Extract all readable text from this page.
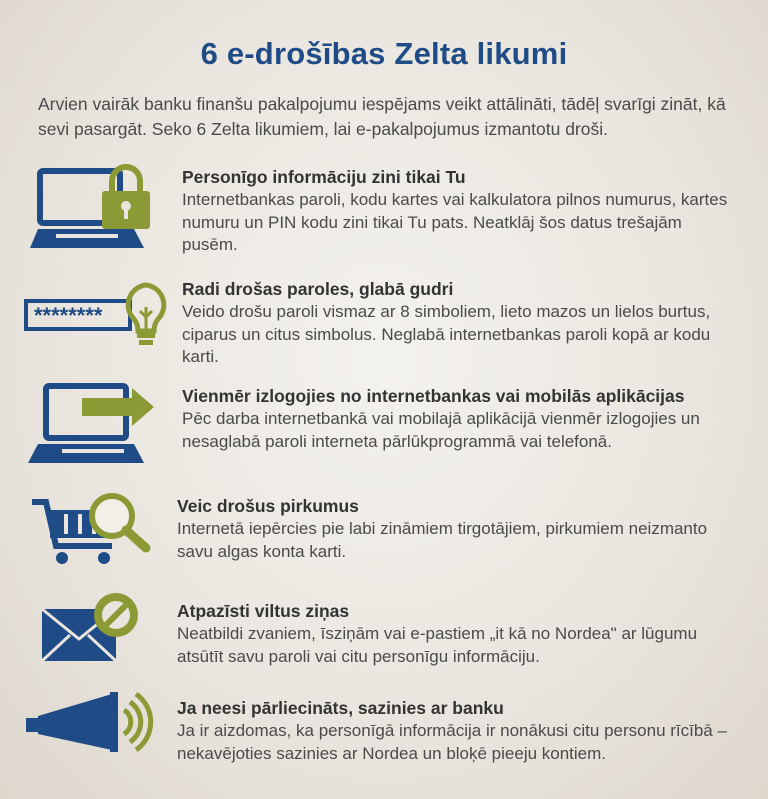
6 e-drošības Zelta likumi
Arvien vairāk banku finanšu pakalpojumu iespējams veikt attālināti, tādēļ svarīgi zināt, kā sevi pasargāt. Seko 6 Zelta likumiem, lai e-pakalpojumus izmantotu droši.
Personīgo informāciju zini tikai Tu
Internetbankas paroli, kodu kartes vai kalkulatora pilnos numurus, kartes numuru un PIN kodu zini tikai Tu pats. Neatklāj šos datus trešajām pusēm.
********
Radi drošas paroles, glabā gudri
Veido drošu paroli vismaz ar 8 simboliem, lieto mazos un lielos burtus, ciparus un citus simbolus. Neglabā internetbankas paroli kopā ar kodu karti.
Vienmēr izlogojies no internetbankas vai mobilās aplikācijas
Pēc darba internetbankā vai mobilajā aplikācijā vienmēr izlogojies un nesaglabā paroli interneta pārlūkprogrammā vai telefonā.
Veic drošus pirkumus
Internetā iepērcies pie labi zināmiem tirgotājiem, pirkumiem neizmanto savu algas konta karti.
Atpazīsti viltus ziņas
Neatbildi zvaniem, īsziņām vai e-pastiem „it kā no Nordea" ar lūgumu atsūtīt savu paroli vai citu personīgu informāciju.
Ja neesi pārliecināts, sazinies ar banku
Ja ir aizdomas, ka personīgā informācija ir nonākusi citu personu rīcībā – nekavējoties sazinies ar Nordea un bloķē pieeju kontiem.
